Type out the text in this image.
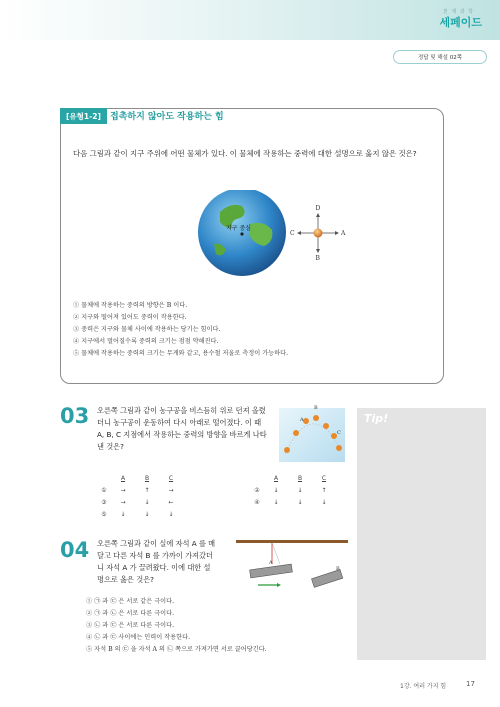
천 재 과 학
세페이드
정답 및 해설 02쪽
[유형1-2]	접촉하지 않아도 작용하는 힘
다음 그림과 같이 지구 주위에 어떤 물체가 있다. 이 물체에 작용하는 중력에 대한 설명으로 옳지 않은 것은?
지구 중심
D
B
C	A
① 물체에 작용하는 중력의 방향은 B 이다.
② 지구와 떨어져 있어도 중력이 작용한다.
③ 중력은 지구와 물체 사이에 작용하는 당기는 힘이다.
④ 지구에서 멀어질수록 중력의 크기는 점점 약해진다.
⑤ 물체에 작용하는 중력의 크기는 무게와 같고, 용수철 저울로 측정이 가능하다.
03 오른쪽 그림과 같이 농구공을 비스듬히 위로 던져 올렸
더니 농구공이 운동하여 다시 아래로 떨어졌다. 이 때
A, B, C 지점에서 작용하는 중력의 방향을 바르게 나타
낸 것은?
A
B
C
A	B	C
①	→	↑	→
③	→	↓	←
⑤	↓	↓	↓
A	B	C
②	↓	↓	↑
④	↓	↓	↓
Tip!
04 오른쪽 그림과 같이 실에 자석 A 를 매
달고 다른 자석 B 를 가까이 가져갔더
니 자석 A 가 끌려왔다. 이에 대한 설
명으로 옳은 것은?
A
B
① ㉠ 과 ㉢ 은 서로 같은 극이다.
② ㉠ 과 ㉡ 은 서로 다른 극이다.
③ ㉡ 과 ㉢ 은 서로 다른 극이다.
④ ㉡ 과 ㉢ 사이에는 인력이 작용한다.
⑤ 자석 B 의 ㉢ 을 자석 A 의 ㉡ 쪽으로 가져가면 서로 끌어당긴다.
1강. 여러 가지 힘	17
